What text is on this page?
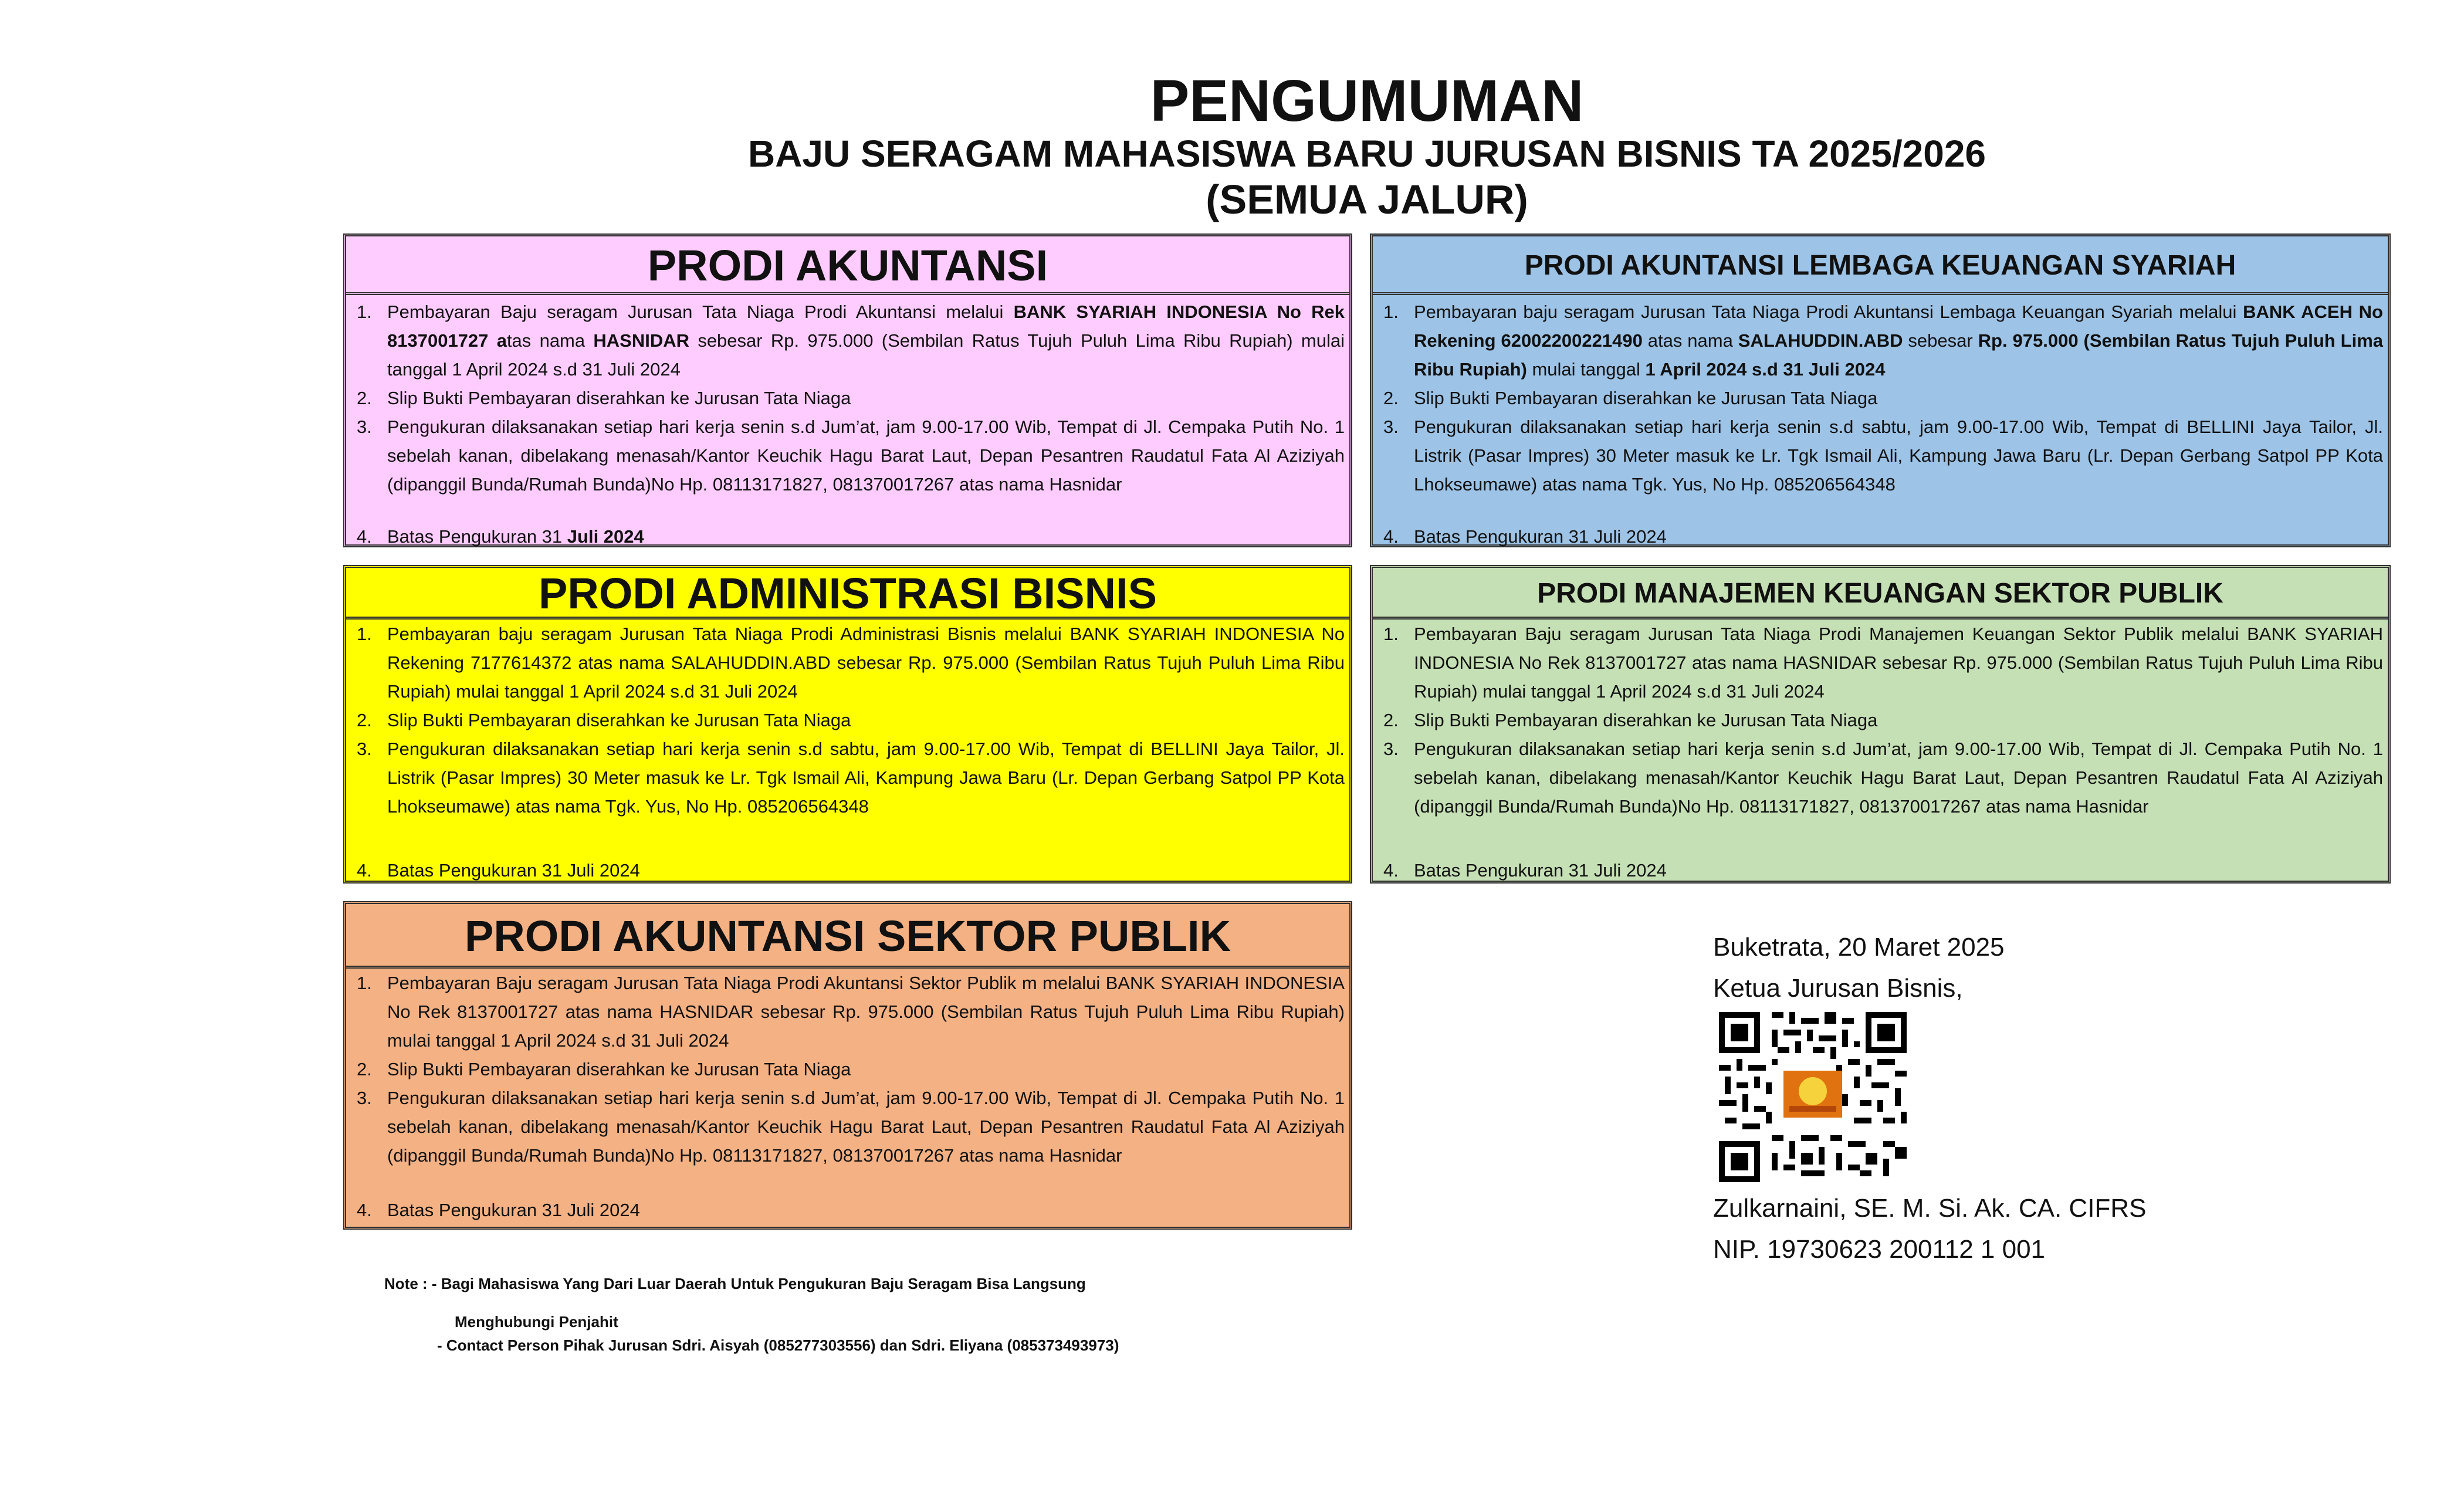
PENGUMUMAN
BAJU SERAGAM MAHASISWA BARU JURUSAN BISNIS TA 2025/2026
(SEMUA JALUR)
PRODI AKUNTANSI
1. Pembayaran Baju seragam Jurusan Tata Niaga Prodi Akuntansi melalui BANK SYARIAH INDONESIA No Rek 8137001727 atas nama HASNIDAR sebesar Rp. 975.000 (Sembilan Ratus Tujuh Puluh Lima Ribu Rupiah) mulai tanggal 1 April 2024 s.d 31 Juli 2024
2. Slip Bukti Pembayaran diserahkan ke Jurusan Tata Niaga
3. Pengukuran dilaksanakan setiap hari kerja senin s.d Jum’at, jam 9.00-17.00 Wib, Tempat di Jl. Cempaka Putih No. 1 sebelah kanan, dibelakang menasah/Kantor Keuchik Hagu Barat Laut, Depan Pesantren Raudatul Fata Al Aziziyah (dipanggil Bunda/Rumah Bunda)No Hp. 08113171827, 081370017267 atas nama Hasnidar
4. Batas Pengukuran 31 Juli 2024
PRODI AKUNTANSI LEMBAGA KEUANGAN SYARIAH
1. Pembayaran baju seragam Jurusan Tata Niaga Prodi Akuntansi Lembaga Keuangan Syariah melalui BANK ACEH No Rekening 62002200221490 atas nama SALAHUDDIN.ABD sebesar Rp. 975.000 (Sembilan Ratus Tujuh Puluh Lima Ribu Rupiah) mulai tanggal 1 April 2024 s.d 31 Juli 2024
2. Slip Bukti Pembayaran diserahkan ke Jurusan Tata Niaga
3. Pengukuran dilaksanakan setiap hari kerja senin s.d sabtu, jam 9.00-17.00 Wib, Tempat di BELLINI Jaya Tailor, Jl. Listrik (Pasar Impres) 30 Meter masuk ke Lr. Tgk Ismail Ali, Kampung Jawa Baru (Lr. Depan Gerbang Satpol PP Kota Lhokseumawe) atas nama Tgk. Yus, No Hp. 085206564348
4. Batas Pengukuran 31 Juli 2024
PRODI ADMINISTRASI BISNIS
1. Pembayaran baju seragam Jurusan Tata Niaga Prodi Administrasi Bisnis melalui BANK SYARIAH INDONESIA No Rekening 7177614372 atas nama SALAHUDDIN.ABD sebesar Rp. 975.000 (Sembilan Ratus Tujuh Puluh Lima Ribu Rupiah) mulai tanggal 1 April 2024 s.d 31 Juli 2024
2. Slip Bukti Pembayaran diserahkan ke Jurusan Tata Niaga
3. Pengukuran dilaksanakan setiap hari kerja senin s.d sabtu, jam 9.00-17.00 Wib, Tempat di BELLINI Jaya Tailor, Jl. Listrik (Pasar Impres) 30 Meter masuk ke Lr. Tgk Ismail Ali, Kampung Jawa Baru (Lr. Depan Gerbang Satpol PP Kota Lhokseumawe) atas nama Tgk. Yus, No Hp. 085206564348
4. Batas Pengukuran 31 Juli 2024
PRODI MANAJEMEN KEUANGAN SEKTOR PUBLIK
1. Pembayaran Baju seragam Jurusan Tata Niaga Prodi Manajemen Keuangan Sektor Publik melalui BANK SYARIAH INDONESIA No Rek 8137001727 atas nama HASNIDAR sebesar Rp. 975.000 (Sembilan Ratus Tujuh Puluh Lima Ribu Rupiah) mulai tanggal 1 April 2024 s.d 31 Juli 2024
2. Slip Bukti Pembayaran diserahkan ke Jurusan Tata Niaga
3. Pengukuran dilaksanakan setiap hari kerja senin s.d Jum’at, jam 9.00-17.00 Wib, Tempat di Jl. Cempaka Putih No. 1 sebelah kanan, dibelakang menasah/Kantor Keuchik Hagu Barat Laut, Depan Pesantren Raudatul Fata Al Aziziyah (dipanggil Bunda/Rumah Bunda)No Hp. 08113171827, 081370017267 atas nama Hasnidar
4. Batas Pengukuran 31 Juli 2024
PRODI AKUNTANSI SEKTOR PUBLIK
1. Pembayaran Baju seragam Jurusan Tata Niaga Prodi Akuntansi Sektor Publik m melalui BANK SYARIAH INDONESIA No Rek 8137001727 atas nama HASNIDAR sebesar Rp. 975.000 (Sembilan Ratus Tujuh Puluh Lima Ribu Rupiah) mulai tanggal 1 April 2024 s.d 31 Juli 2024
2. Slip Bukti Pembayaran diserahkan ke Jurusan Tata Niaga
3. Pengukuran dilaksanakan setiap hari kerja senin s.d Jum’at, jam 9.00-17.00 Wib, Tempat di Jl. Cempaka Putih No. 1 sebelah kanan, dibelakang menasah/Kantor Keuchik Hagu Barat Laut, Depan Pesantren Raudatul Fata Al Aziziyah (dipanggil Bunda/Rumah Bunda)No Hp. 08113171827, 081370017267 atas nama Hasnidar
4. Batas Pengukuran 31 Juli 2024
Buketrata, 20 Maret 2025
Ketua Jurusan Bisnis,
Zulkarnaini, SE. M. Si. Ak. CA. CIFRS
NIP. 19730623 200112 1 001
Note : - Bagi Mahasiswa Yang Dari Luar Daerah Untuk Pengukuran Baju Seragam Bisa Langsung
Menghubungi Penjahit
- Contact Person Pihak Jurusan Sdri. Aisyah (085277303556) dan Sdri. Eliyana (085373493973)
